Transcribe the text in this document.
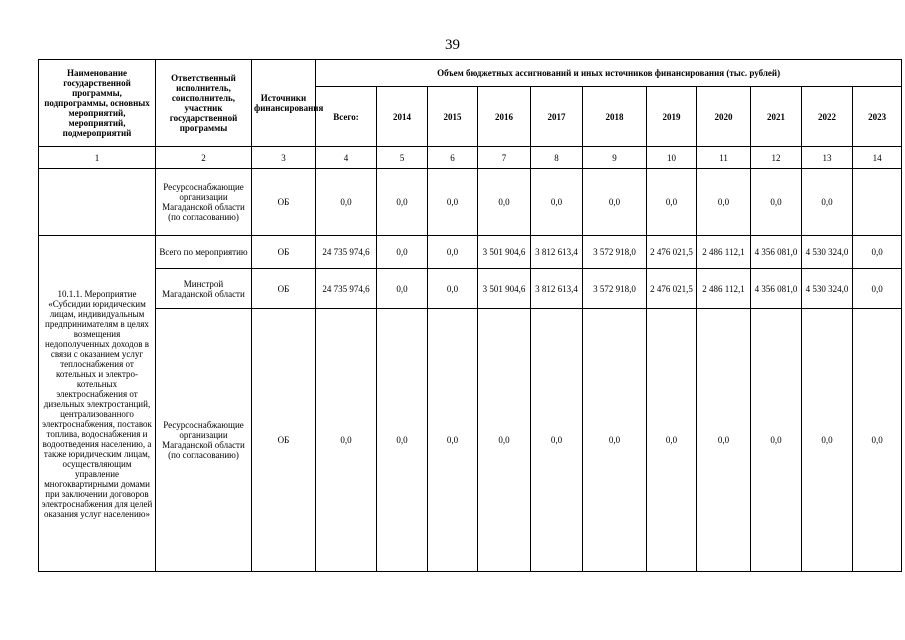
39
Наименование государственной программы, подпрограммы, основных мероприятий, мероприятий, подмероприятий	Ответственный исполнитель, соисполнитель, участник государственной программы	Источники финансирования	Объем бюджетных ассигнований и иных источников финансирования (тыс. рублей)										
			Всего:	2014	2015	2016	2017	2018	2019	2020	2021	2022	2023
1	2	3	4	5	6	7	8	9	10	11	12	13	14
	Ресурсоснабжающие организации Магаданской области (по согласованию)	ОБ	0,0	0,0	0,0	0,0	0,0	0,0	0,0	0,0	0,0	0,0	
10.1.1. Мероприятие «Субсидии юридическим лицам, индивидуальным предпринимателям в целях возмещения недополученных доходов в связи с оказанием услуг теплоснабжения от котельных и электро-котельных электроснабжения от дизельных электростанций, централизованного электроснабжения, поставок топлива, водоснабжения и водоотведения населению, а также юридическим лицам, осуществляющим управление многоквартирными домами при заключении договоров электроснабжения для целей оказания услуг населению»	Всего по мероприятию	ОБ	24 735 974,6	0,0	0,0	3 501 904,6	3 812 613,4	3 572 918,0	2 476 021,5	2 486 112,1	4 356 081,0	4 530 324,0	0,0
	Минстрой Магаданской области	ОБ	24 735 974,6	0,0	0,0	3 501 904,6	3 812 613,4	3 572 918,0	2 476 021,5	2 486 112,1	4 356 081,0	4 530 324,0	0,0
	Ресурсоснабжающие организации Магаданской области (по согласованию)	ОБ	0,0	0,0	0,0	0,0	0,0	0,0	0,0	0,0	0,0	0,0	0,0
